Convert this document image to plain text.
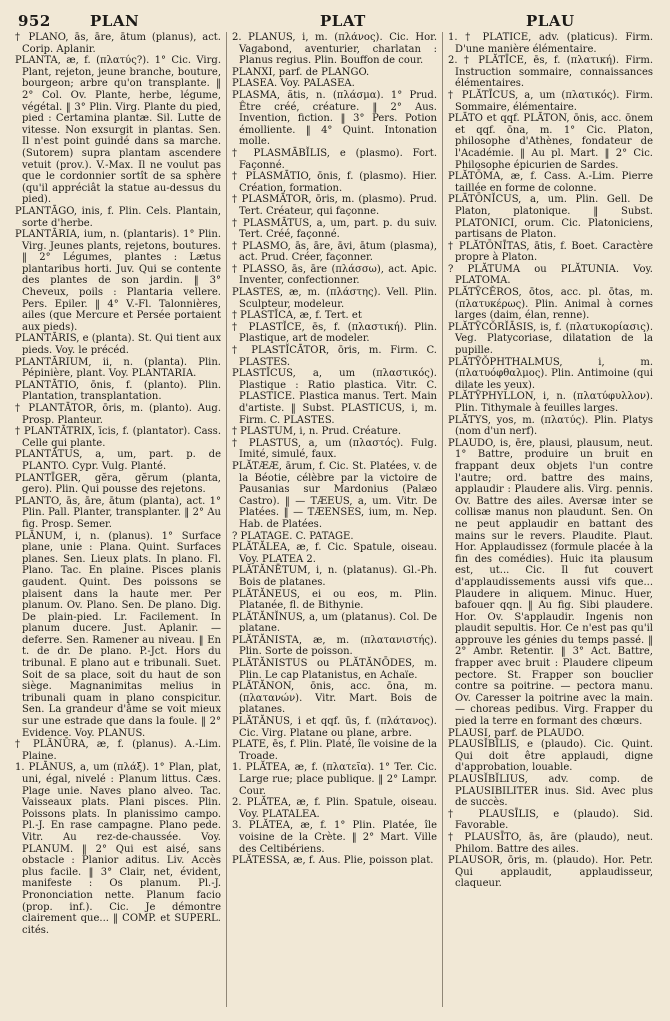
952	PLAN	PLAT	PLAU

† PLĀNO, ās, āre, ātum (planus), act. Corip. Aplanir.

PLANTA, æ, f. (πλατύς?). 1° Cic. Virg. Plant, rejeton, jeune branche, bouture, bourgeon; arbre qu'on transplante. ‖ 2° Col. Ov. Plante, herbe, légume, végétal. ‖ 3° Plin. Virg. Plante du pied, pied : Certamina plantæ. Sil. Lutte de vitesse. Non exsurgit in plantas. Sen. Il n'est point guindé dans sa marche. (Sutorem) supra plantam ascendere vetuit (prov.). V.-Max. Il ne voulut pas que le cordonnier sortît de sa sphère (qu'il appréciât la statue au-dessus du pied).

PLANTĀGO, inis, f. Plin. Cels. Plantain, sorte d'herbe.

PLANTĀRIA, ium, n. (plantaris). 1° Plin. Virg. Jeunes plants, rejetons, boutures. ‖ 2° Légumes, plantes : Lætus plantaribus horti. Juv. Qui se contente des plantes de son jardin. ‖ 3° Cheveux, poils : Plantaria vellere. Pers. Epiler. ‖ 4° V.-Fl. Talonnières, ailes (que Mercure et Persée portaient aux pieds).

PLANTĀRIS, e (planta). St. Qui tient aux pieds. Voy. le précéd.

PLANTĀRIUM, ii, n. (planta). Plin. Pépinière, plant. Voy. PLANTARIA.

PLANTĀTIO, ōnis, f. (planto). Plin. Plantation, transplantation.

† PLANTĀTOR, ōris, m. (planto). Aug. Prosp. Planteur.

† PLANTĀTRIX, īcis, f. (plantator). Cass. Celle qui plante.

PLANTĀTUS, a, um, part. p. de PLANTO. Cypr. Vulg. Planté.

PLANTĪGER, gĕra, gĕrum (planta, gero). Plin. Qui pousse des rejetons.

PLANTO, ās, āre, ātum (planta), act. 1° Plin. Pall. Planter, transplanter. ‖ 2° Au fig. Prosp. Semer.

PLĀNUM, i, n. (planus). 1° Surface plane, unie : Plana. Quint. Surfaces planes. Sen. Lieux plats. In plano. Fl. Plano. Tac. En plaine. Pisces planis gaudent. Quint. Des poissons se plaisent dans la haute mer. Per planum. Ov. Plano. Sen. De plano. Dig. De plain-pied. Lr. Facilement. In planum ducere. Just. Aplanir. — deferre. Sen. Ramener au niveau. ‖ En t. de dr. De plano. P.-Jct. Hors du tribunal. E plano aut e tribunali. Suet. Soit de sa place, soit du haut de son siège. Magnanimitas melius in tribunali quam in plano conspicitur. Sen. La grandeur d'âme se voit mieux sur une estrade que dans la foule. ‖ 2° Evidence. Voy. PLANUS.

† PLĀNŪRA, æ, f. (planus). A.-Lim. Plaine.

1. PLĀNUS, a, um (πλάξ). 1° Plan, plat, uni, égal, nivelé : Planum littus. Cæs. Plage unie. Naves plano alveo. Tac. Vaisseaux plats. Plani pisces. Plin. Poissons plats. In planissimo campo. Pl.-J. En rase campagne. Plano pede. Vitr. Au rez-de-chaussée. Voy. PLANUM. ‖ 2° Qui est aisé, sans obstacle : Planior aditus. Liv. Accès plus facile. ‖ 3° Clair, net, évident, manifeste : Os planum. Pl.-J. Prononciation nette. Planum facio (prop. inf.). Cic. Je démontre clairement que... ‖ COMP. et SUPERL. cités.

2. PLĀNUS, i, m. (πλάνος). Cic. Hor. Vagabond, aventurier, charlatan : Planus regius. Plin. Bouffon de cour.

PLANXI, parf. de PLANGO.

PLASEA. Voy. PALASEA.

PLASMA, ătis, n. (πλάσμα). 1° Prud. Être créé, créature. ‖ 2° Aus. Invention, fiction. ‖ 3° Pers. Potion émolliente. ‖ 4° Quint. Intonation molle.

† PLASMĀBĬLIS, e (plasmo). Fort. Façonné.

† PLASMĀTIO, ōnis, f. (plasmo). Hier. Création, formation.

† PLASMĀTOR, ōris, m. (plasmo). Prud. Tert. Créateur, qui façonne.

† PLASMĀTUS, a, um, part. p. du suiv. Tert. Créé, façonné.

† PLASMO, ās, āre, āvi, ātum (plasma), act. Prud. Créer, façonner.

† PLASSO, ās, āre (πλάσσω), act. Apic. Inventer, confectionner.

PLASTES, æ, m. (πλάστης). Vell. Plin. Sculpteur, modeleur.

† PLASTĬCA, æ, f. Tert. et

† PLASTĬCE, ēs, f. (πλαστική). Plin. Plastique, art de modeler.

† PLASTĬCĀTOR, ōris, m. Firm. C. PLASTES.

PLASTĬCUS, a, um (πλαστικός). Plastique : Ratio plastica. Vitr. C. PLASTICE. Plastica manus. Tert. Main d'artiste. ‖ Subst. PLASTICUS, i, m. Firm. C. PLASTES.

† PLASTUM, i, n. Prud. Créature.

† PLASTUS, a, um (πλαστός). Fulg. Imité, simulé, faux.

PLĂTÆÆ, ārum, f. Cic. St. Platées, v. de la Béotie, célèbre par la victoire de Pausanias sur Mardonius (Palæo Castro). ‖ — TÆEUS, a, um. Vitr. De Platées. ‖ — TÆENSES, ium, m. Nep. Hab. de Platées.

? PLATAGE. C. PATAGE.

PLĂTĂLEA, æ, f. Cic. Spatule, oiseau. Voy. PLATEA 2.

PLĂTĂNĒTUM, i, n. (platanus). Gl.-Ph. Bois de platanes.

PLĂTĂNEUS, ei ou eos, m. Plin. Platanée, fl. de Bithynie.

PLĂTĂNĬNUS, a, um (platanus). Col. De platane.

PLĂTĂNISTA, æ, m. (πλατανιστής). Plin. Sorte de poisson.

PLĂTĂNISTUS ou PLĂTĂNŌDES, m. Plin. Le cap Platanistus, en Achaïe.

PLĂTĂNON, ōnis, acc. ōna, m. (πλατανών). Vitr. Mart. Bois de platanes.

PLĂTĂNUS, i et qqf. ūs, f. (πλάτανος). Cic. Virg. Platane ou plane, arbre.

PLATE, ēs, f. Plin. Platé, île voisine de la Troade.

1. PLĂTEA, æ, f. (πλατεῖα). 1° Ter. Cic. Large rue; place publique. ‖ 2° Lampr. Cour.

2. PLĂTEA, æ, f. Plin. Spatule, oiseau. Voy. PLATALEA.

3. PLĂTEA, æ, f. 1° Plin. Platée, île voisine de la Crète. ‖ 2° Mart. Ville des Celtibériens.

PLĂTESSA, æ, f. Aus. Plie, poisson plat.

1. † PLĂTĪCE, adv. (platicus). Firm. D'une manière élémentaire.

2. † PLĂTĪCE, ēs, f. (πλατική). Firm. Instruction sommaire, connaissances élémentaires.

† PLĂTĪCUS, a, um (πλατικός). Firm. Sommaire, élémentaire.

PLĀTO et qqf. PLĀTON, ōnis, acc. ōnem et qqf. ōna, m. 1° Cic. Platon, philosophe d'Athènes, fondateur de l'Académie. ‖ Au pl. Mart. ‖ 2° Cic. Philosophe épicurien de Sardes.

PLĂTŌMA, æ, f. Cass. A.-Lim. Pierre taillée en forme de colonne.

PLĀTŌNĬCUS, a, um. Plin. Gell. De Platon, platonique. ‖ Subst. PLATONICI, orum. Cic. Platoniciens, partisans de Platon.

† PLĂTŌNĪTAS, ātis, f. Boet. Caractère propre à Platon.

? PLĂTUMA ou PLĂTUNIA. Voy. PLATOMA.

PLĂTȲCĔROS, ōtos, acc. pl. ōtas, m. (πλατυκέρως). Plin. Animal à cornes larges (daim, élan, renne).

PLĂTȲCŎRĬĀSIS, is, f. (πλατυκορίασις). Veg. Platycoriase, dilatation de la pupille.

PLĂTȲŎPHTHALMUS, i, m. (πλατυόφθαλμος). Plin. Antimoine (qui dilate les yeux).

PLĂTȲPHYLLON, i, n. (πλατύφυλλον). Plin. Tithymale à feuilles larges.

PLĂTYS, yos, m. (πλατύς). Plin. Platys (nom d'un nerf).

PLAUDO, is, ēre, plausi, plausum, neut. 1° Battre, produire un bruit en frappant deux objets l'un contre l'autre; ord. battre des mains, applaudir : Plaudere alis. Virg. pennis. Ov. Battre des ailes. Aversæ inter se collisæ manus non plaudunt. Sen. On ne peut applaudir en battant des mains sur le revers. Plaudite. Plaut. Hor. Applaudissez (formule placée à la fin des comédies). Huic ita plausum est, ut... Cic. Il fut couvert d'applaudissements aussi vifs que... Plaudere in aliquem. Minuc. Huer, bafouer qqn. ‖ Au fig. Sibi plaudere. Hor. Ov. S'applaudir. Ingenis non plaudit sepultis. Hor. Ce n'est pas qu'il approuve les génies du temps passé. ‖ 2° Ambr. Retentir. ‖ 3° Act. Battre, frapper avec bruit : Plaudere clipeum pectore. St. Frapper son bouclier contre sa poitrine. — pectora manu. Ov. Caresser la poitrine avec la main. — choreas pedibus. Virg. Frapper du pied la terre en formant des chœurs.

PLAUSI, parf. de PLAUDO.

PLAUSĬBĬLIS, e (plaudo). Cic. Quint. Qui doit être applaudi, digne d'approbation, louable.

PLAUSĬBĬLIUS, adv. comp. de PLAUSIBILITER inus. Sid. Avec plus de succès.

† PLAUSĪLIS, e (plaudo). Sid. Favorable.

† PLAUSĪTO, ās, āre (plaudo), neut. Philom. Battre des ailes.

PLAUSOR, ōris, m. (plaudo). Hor. Petr. Qui applaudit, applaudisseur, claqueur.
